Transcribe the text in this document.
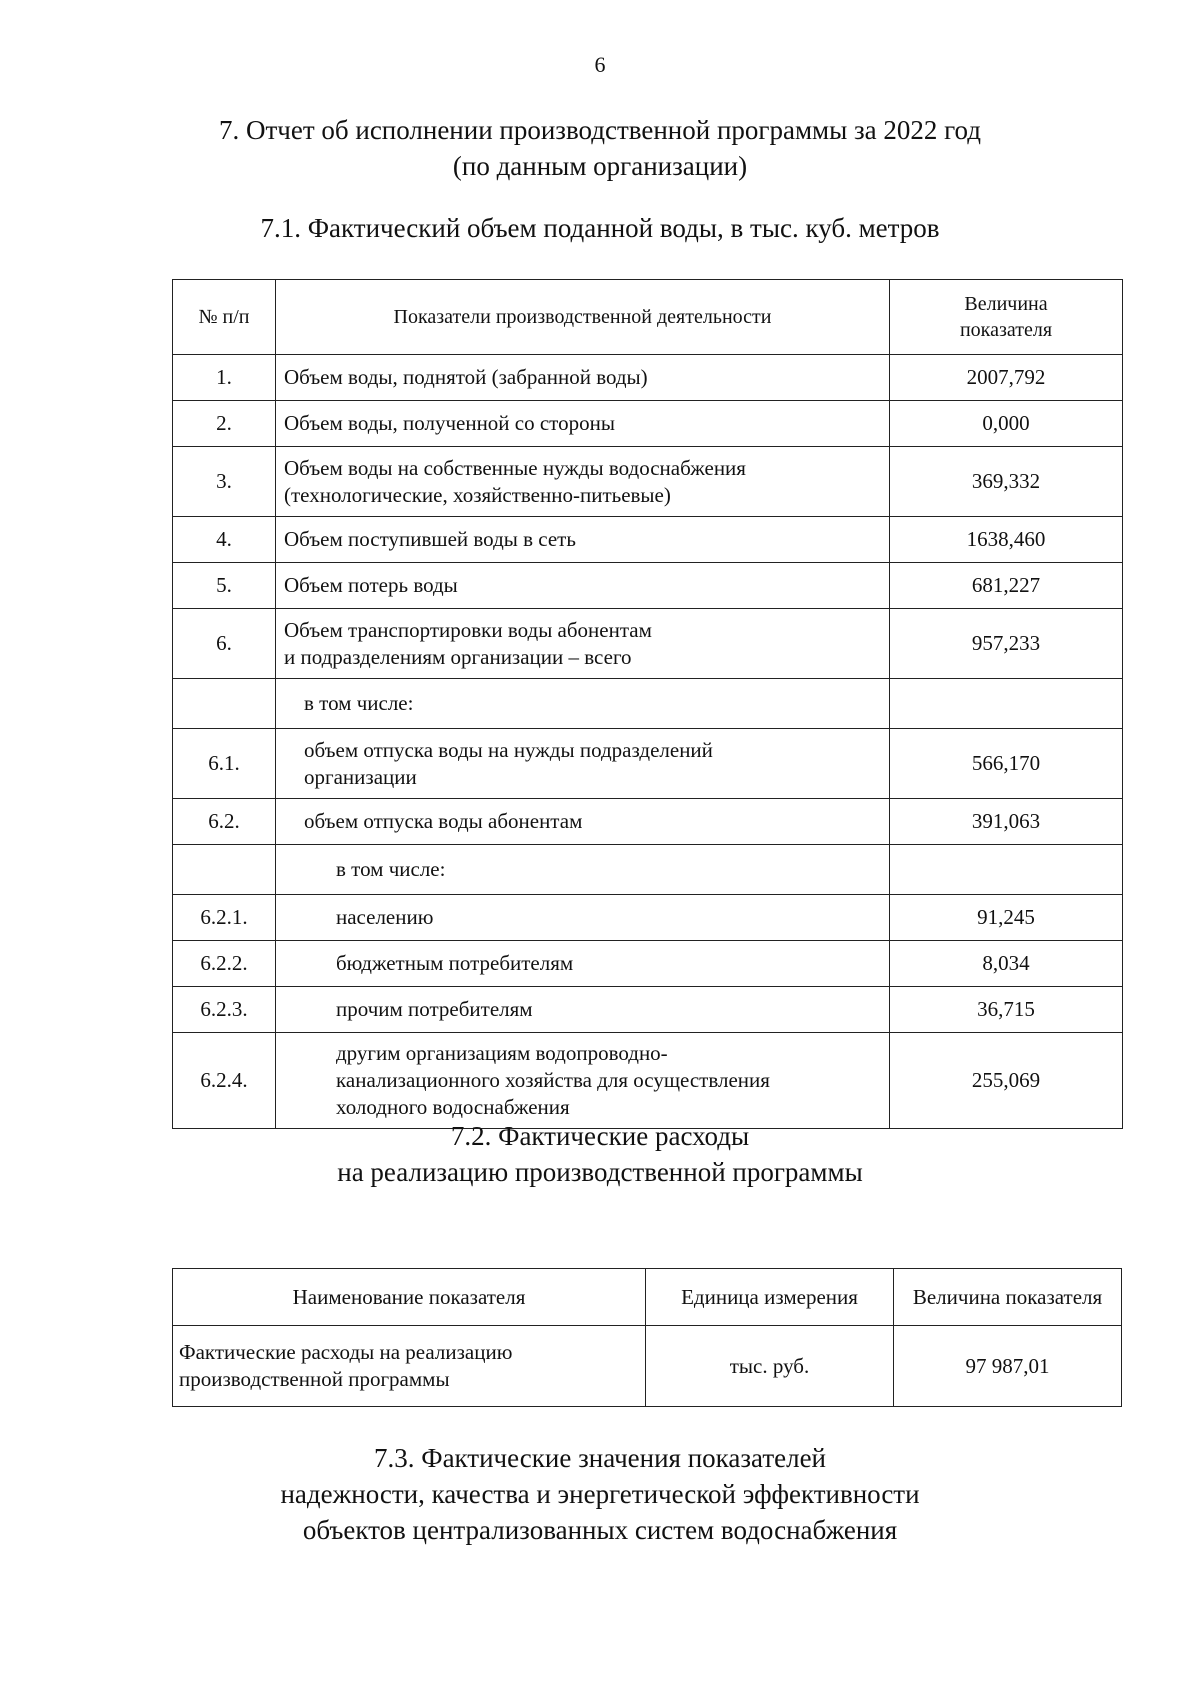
6
7. Отчет об исполнении производственной программы за 2022 год
(по данным организации)
7.1. Фактический объем поданной воды, в тыс. куб. метров
№ п/п	Показатели производственной деятельности	Величина
показателя

1.	Объем воды, поднятой (забранной воды)	2007,792
2.	Объем воды, полученной со стороны	0,000
3.	Объем воды на собственные нужды водоснабжения
(технологические, хозяйственно-питьевые)	369,332
4.	Объем поступившей воды в сеть	1638,460
5.	Объем потерь воды	681,227
6.	Объем транспортировки воды абонентам
и подразделениям организации – всего	957,233

	в том числе:	

6.1.	объем отпуска воды на нужды подразделений
организации	566,170
6.2.	объем отпуска воды абонентам	391,063

	в том числе:	

6.2.1.	населению	91,245
6.2.2.	бюджетным потребителям	8,034
6.2.3.	прочим потребителям	36,715
6.2.4.	другим организациям водопроводно-
канализационного хозяйства для осуществления
холодного водоснабжения	255,069
7.2. Фактические расходы
на реализацию производственной программы
Наименование показателя	Единица измерения	Величина показателя

Фактические расходы на реализацию
производственной программы	тыс. руб.	97 987,01
7.3. Фактические значения показателей
надежности, качества и энергетической эффективности
объектов централизованных систем водоснабжения
